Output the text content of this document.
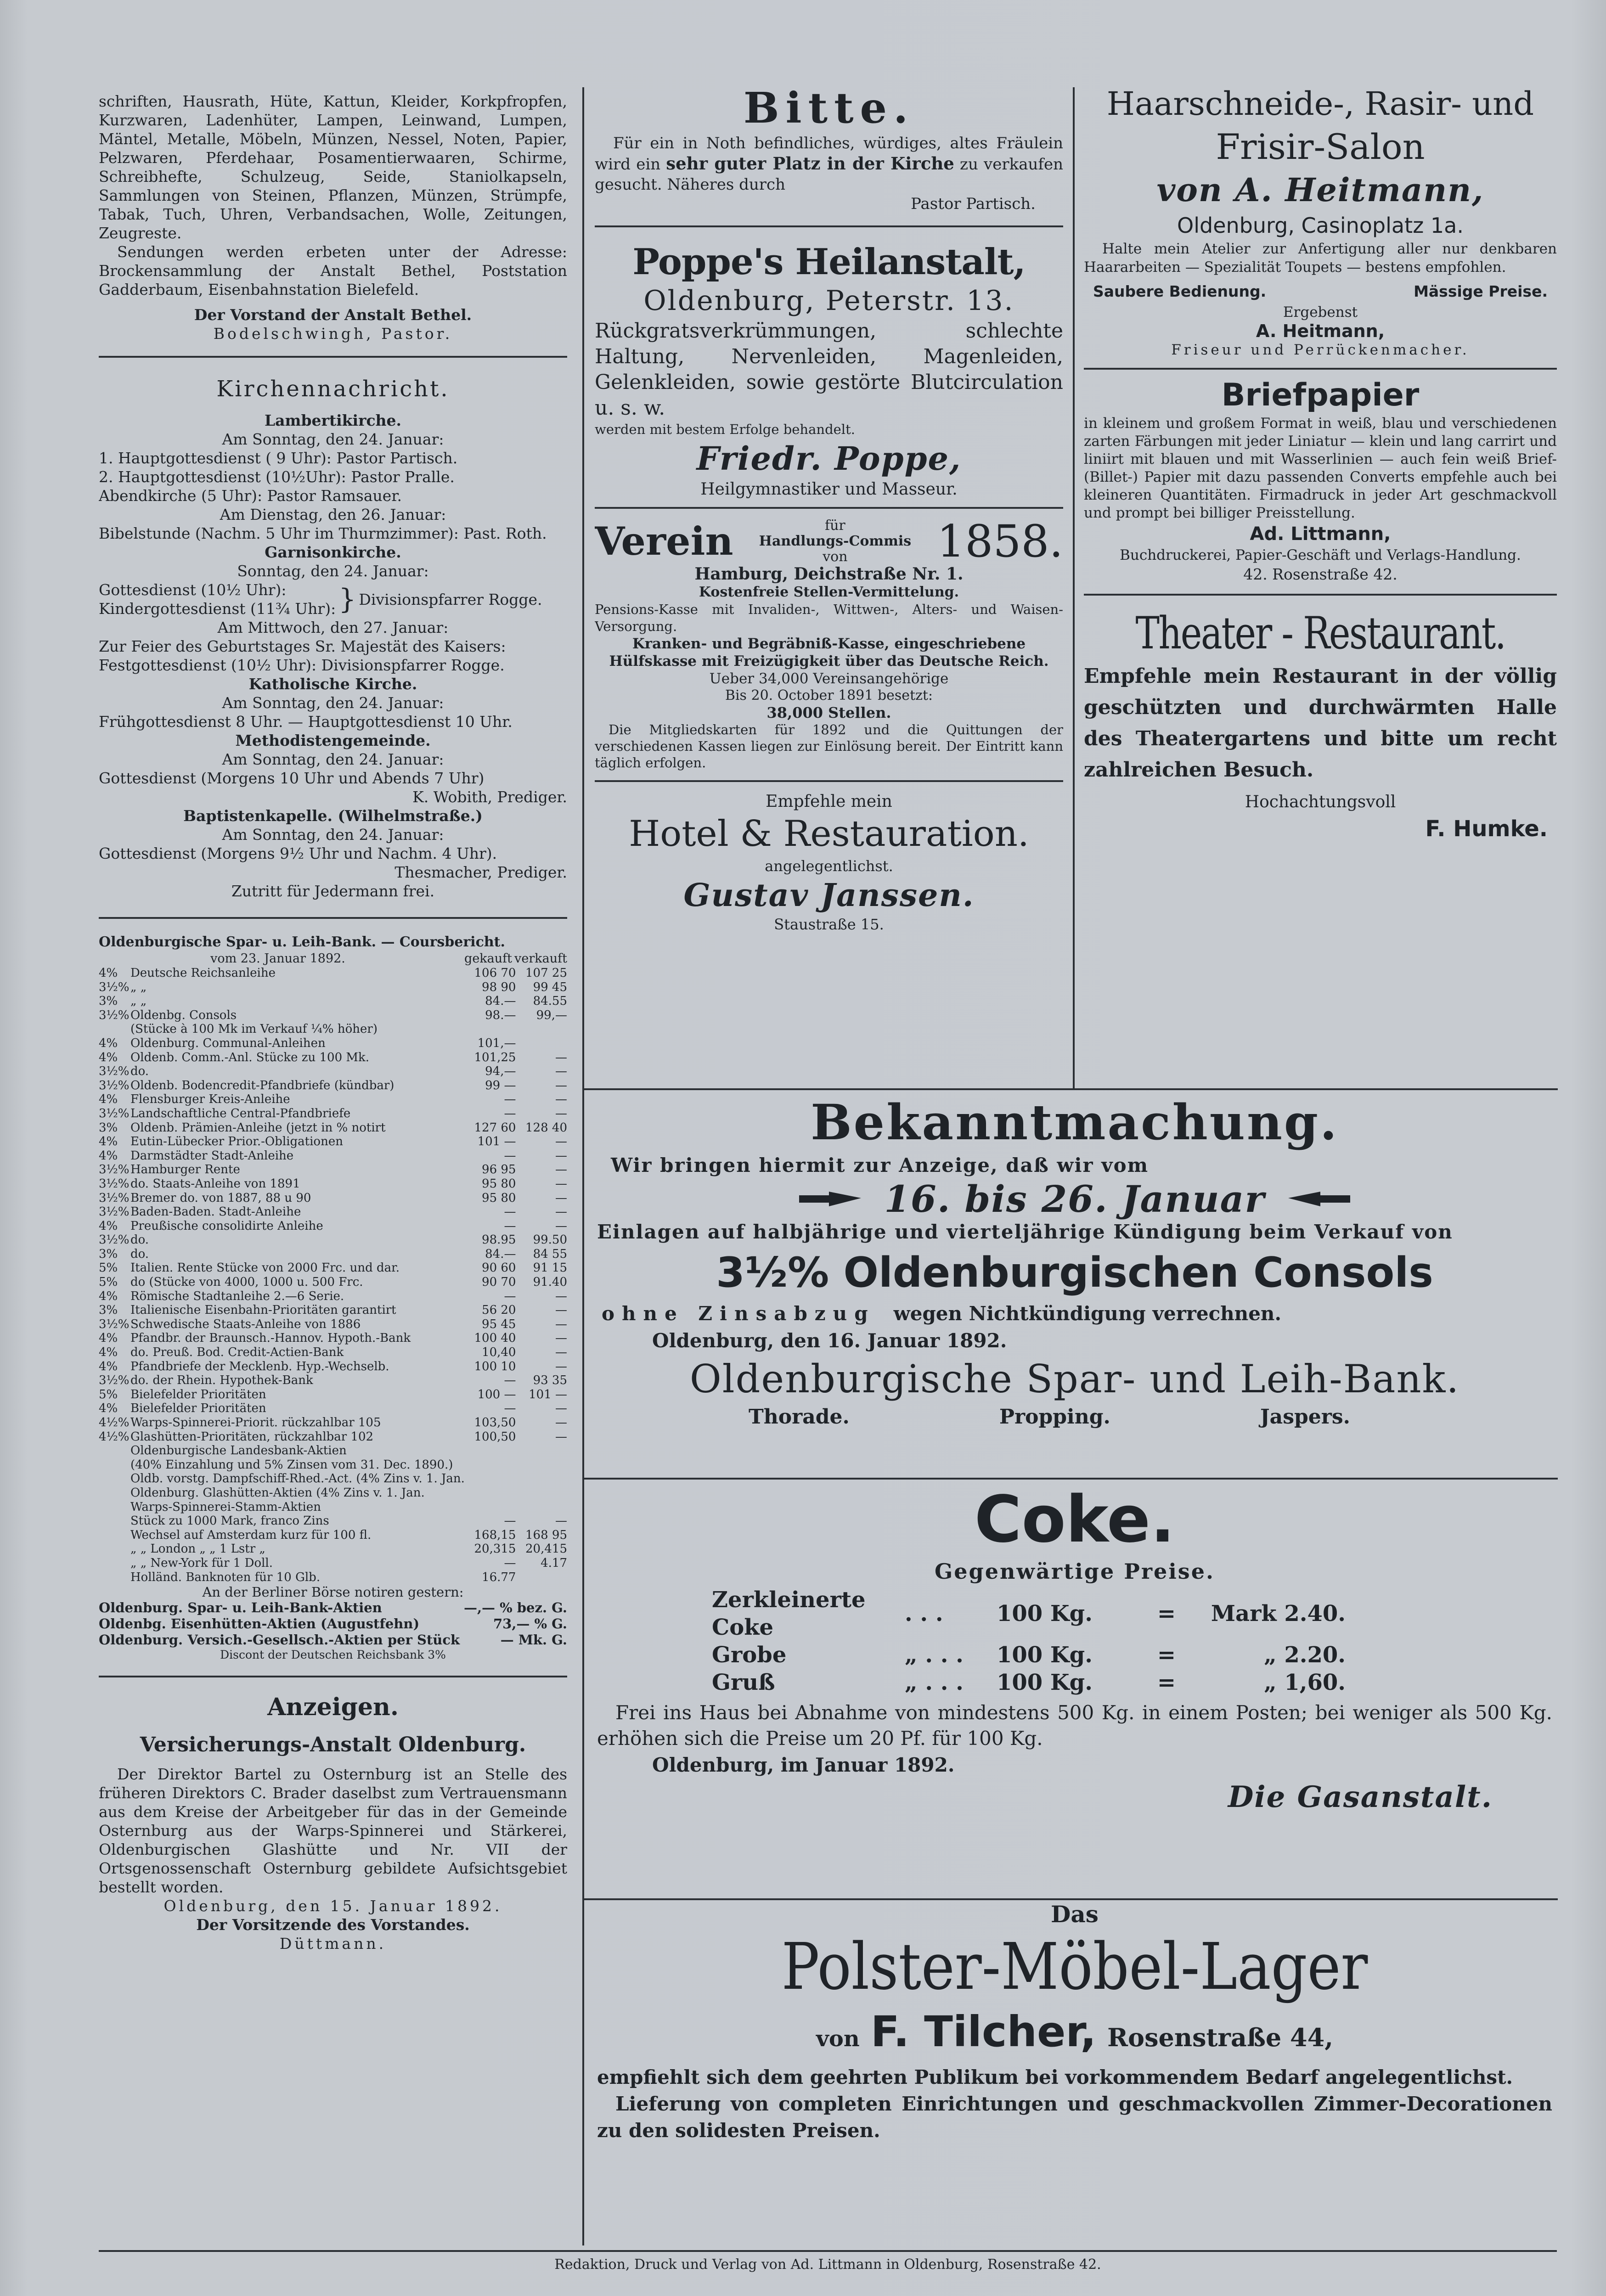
schriften, Hausrath, Hüte, Kattun, Kleider, Korkpfropfen, Kurzwaren, Ladenhüter, Lampen, Leinwand, Lumpen, Mäntel, Metalle, Möbeln, Münzen, Nessel, Noten, Papier, Pelzwaren, Pferdehaar, Posamentierwaaren, Schirme, Schreibhefte, Schulzeug, Seide, Staniolkapseln, Sammlungen von Steinen, Pflanzen, Münzen, Strümpfe, Tabak, Tuch, Uhren, Verbandsachen, Wolle, Zeitungen, Zeugreste.

Sendungen werden erbeten unter der Adresse: Brockensammlung der Anstalt Bethel, Poststation Gadderbaum, Eisenbahnstation Bielefeld.

Der Vorstand der Anstalt Bethel.

Bodelschwingh, Pastor.

Kirchennachricht.

Lambertikirche.

Am Sonntag, den 24. Januar:

1. Hauptgottesdienst ( 9 Uhr): Pastor Partisch.

2. Hauptgottesdienst (10½Uhr): Pastor Pralle.

Abendkirche (5 Uhr): Pastor Ramsauer.

Am Dienstag, den 26. Januar:

Bibelstunde (Nachm. 5 Uhr im Thurmzimmer): Past. Roth.

Garnisonkirche.

Sonntag, den 24. Januar:

Gottesdienst (10½ Uhr):

Kindergottesdienst (11¾ Uhr): } Divisionspfarrer Rogge.

Am Mittwoch, den 27. Januar:

Zur Feier des Geburtstages Sr. Majestät des Kaisers:

Festgottesdienst (10½ Uhr): Divisionspfarrer Rogge.

Katholische Kirche.

Am Sonntag, den 24. Januar:

Frühgottesdienst 8 Uhr. — Hauptgottesdienst 10 Uhr.

Methodistengemeinde.

Am Sonntag, den 24. Januar:

Gottesdienst (Morgens 10 Uhr und Abends 7 Uhr)

K. Wobith, Prediger.

Baptistenkapelle. (Wilhelmstraße.)

Am Sonntag, den 24. Januar:

Gottesdienst (Morgens 9½ Uhr und Nachm. 4 Uhr).

Thesmacher, Prediger.

Zutritt für Jedermann frei.

Oldenburgische Spar- u. Leih-Bank. — Coursbericht.

vom 23. Januar 1892.	gekauft verkauft
4%	Deutsche Reichsanleihe	106 70	107 25
3½%	„ „	98 90	99 45
3%	„ „	84.—	84.55
3½%	Oldenbg. Consols	98.—	99,—
	(Stücke à 100 Mk im Verkauf ¼% höher)		
4%	Oldenburg. Communal-Anleihen	101,—	
4%	Oldenb. Comm.-Anl. Stücke zu 100 Mk.	101,25	—
3½%	do.	94,—	—
3½%	Oldenb. Bodencredit-Pfandbriefe (kündbar)	99 —	—
4%	Flensburger Kreis-Anleihe	—	—
3½%	Landschaftliche Central-Pfandbriefe	—	—
3%	Oldenb. Prämien-Anleihe (jetzt in % notirt	127 60	128 40
4%	Eutin-Lübecker Prior.-Obligationen	101 —	—
4%	Darmstädter Stadt-Anleihe	—	—
3½%	Hamburger Rente	96 95	—
3½%	do. Staats-Anleihe von 1891	95 80	—
3½%	Bremer do. von 1887, 88 u 90	95 80	—
3½%	Baden-Baden. Stadt-Anleihe	—	—
4%	Preußische consolidirte Anleihe	—	—
3½%	do.	98.95	99.50
3%	do.	84.—	84 55
5%	Italien. Rente Stücke von 2000 Frc. und dar.	90 60	91 15
5%	do (Stücke von 4000, 1000 u. 500 Frc.	90 70	91.40
4%	Römische Stadtanleihe 2.—6 Serie.	—	—
3%	Italienische Eisenbahn-Prioritäten garantirt	56 20	—
3½%	Schwedische Staats-Anleihe von 1886	95 45	—
4%	Pfandbr. der Braunsch.-Hannov. Hypoth.-Bank	100 40	—
4%	do. Preuß. Bod. Credit-Actien-Bank	10,40	—
4%	Pfandbriefe der Mecklenb. Hyp.-Wechselb.	100 10	—
3½%	do. der Rhein. Hypothek-Bank	—	93 35
5%	Bielefelder Prioritäten	100 —	101 —
4%	Bielefelder Prioritäten	—	—
4½%	Warps-Spinnerei-Priorit. rückzahlbar 105	103,50	—
4½%	Glashütten-Prioritäten, rückzahlbar 102	100,50	—
	Oldenburgische Landesbank-Aktien		
	(40% Einzahlung und 5% Zinsen vom 31. Dec. 1890.)		
	Oldb. vorstg. Dampfschiff-Rhed.-Act. (4% Zins v. 1. Jan.		
	Oldenburg. Glashütten-Aktien (4% Zins v. 1. Jan.		
	Warps-Spinnerei-Stamm-Aktien		
	Stück zu 1000 Mark, franco Zins	—	—
	Wechsel auf Amsterdam kurz für 100 fl.	168,15	168 95
	„ „ London „ „ 1 Lstr „	20,315	20,415
	„ „ New-York für 1 Doll.	—	4.17
	Holländ. Banknoten für 10 Glb.	16.77	

An der Berliner Börse notiren gestern:

Oldenburg. Spar- u. Leih-Bank-Aktien	—,— % bez. G.
Oldenbg. Eisenhütten-Aktien (Augustfehn)	73,— % G.
Oldenburg. Versich.-Gesellsch.-Aktien per Stück	— Mk. G.

Discont der Deutschen Reichsbank 3%

Anzeigen.

Versicherungs-Anstalt Oldenburg.

Der Direktor Bartel zu Osternburg ist an Stelle des früheren Direktors C. Brader daselbst zum Vertrauensmann aus dem Kreise der Arbeitgeber für das in der Gemeinde Osternburg aus der Warps-Spinnerei und Stärkerei, Oldenburgischen Glashütte und Nr. VII der Ortsgenossenschaft Osternburg gebildete Aufsichtsgebiet bestellt worden.

Oldenburg, den 15. Januar 1892.

Der Vorsitzende des Vorstandes.

Düttmann.

Bitte.

Für ein in Noth befindliches, würdiges, altes Fräulein wird ein sehr guter Platz in der Kirche zu verkaufen gesucht. Näheres durch

Pastor Partisch.

Poppe's Heilanstalt,

Oldenburg, Peterstr. 13.

Rückgratsverkrümmungen, schlechte Haltung, Nervenleiden, Magenleiden, Gelenkleiden, sowie gestörte Blutcirculation u. s. w.

werden mit bestem Erfolge behandelt.

Friedr. Poppe,

Heilgymnastiker und Masseur.

Verein	für
Handlungs-Commis
von	1858.

Hamburg, Deichstraße Nr. 1.

Kostenfreie Stellen-Vermittelung.

Pensions-Kasse mit Invaliden-, Wittwen-, Alters- und Waisen-Versorgung.

Kranken- und Begräbniß-Kasse, eingeschriebene Hülfskasse mit Freizügigkeit über das Deutsche Reich.

Ueber 34,000 Vereinsangehörige

Bis 20. October 1891 besetzt:

38,000 Stellen.

Die Mitgliedskarten für 1892 und die Quittungen der verschiedenen Kassen liegen zur Einlösung bereit. Der Eintritt kann täglich erfolgen.

Empfehle mein

Hotel & Restauration.

angelegentlichst.

Gustav Janssen.

Staustraße 15.

Haarschneide-, Rasir- und

Frisir-Salon

von A. Heitmann,

Oldenburg, Casinoplatz 1a.

Halte mein Atelier zur Anfertigung aller nur denkbaren Haararbeiten — Spezialität Toupets — bestens empfohlen.

Saubere Bedienung.	Mässige Preise.

Ergebenst

A. Heitmann,

Friseur und Perrückenmacher.

Briefpapier

in kleinem und großem Format in weiß, blau und verschiedenen zarten Färbungen mit jeder Liniatur — klein und lang carrirt und liniirt mit blauen und mit Wasserlinien — auch fein weiß Brief- (Billet-) Papier mit dazu passenden Converts empfehle auch bei kleineren Quantitäten. Firmadruck in jeder Art geschmackvoll und prompt bei billiger Preisstellung.

Ad. Littmann,

Buchdruckerei, Papier-Geschäft und Verlags-Handlung.

42. Rosenstraße 42.

Theater - Restaurant.

Empfehle mein Restaurant in der völlig geschützten und durchwärmten Halle des Theatergartens und bitte um recht zahlreichen Besuch.

Hochachtungsvoll

F. Humke.

Bekanntmachung.

Wir bringen hiermit zur Anzeige, daß wir vom

16. bis 26. Januar

Einlagen auf halbjährige und vierteljährige Kündigung beim Verkauf von

3½% Oldenburgischen Consols

ohne Zinsabzug wegen Nichtkündigung verrechnen.

Oldenburg, den 16. Januar 1892.

Oldenburgische Spar- und Leih-Bank.

Thorade.	Propping.	Jaspers.

Coke.

Gegenwärtige Preise.

Zerkleinerte Coke	. . .	100 Kg.	=	Mark 2.40.
Grobe	„ . . .	100 Kg.	=	„ 2.20.
Gruß	„ . . .	100 Kg.	=	„ 1,60.

Frei ins Haus bei Abnahme von mindestens 500 Kg. in einem Posten; bei weniger als 500 Kg. erhöhen sich die Preise um 20 Pf. für 100 Kg.

Oldenburg, im Januar 1892.

Die Gasanstalt.

Das

Polster-Möbel-Lager

von F. Tilcher, Rosenstraße 44,

empfiehlt sich dem geehrten Publikum bei vorkommendem Bedarf angelegentlichst.

Lieferung von completen Einrichtungen und geschmackvollen Zimmer-Decorationen zu den solidesten Preisen.

Redaktion, Druck und Verlag von Ad. Littmann in Oldenburg, Rosenstraße 42.
